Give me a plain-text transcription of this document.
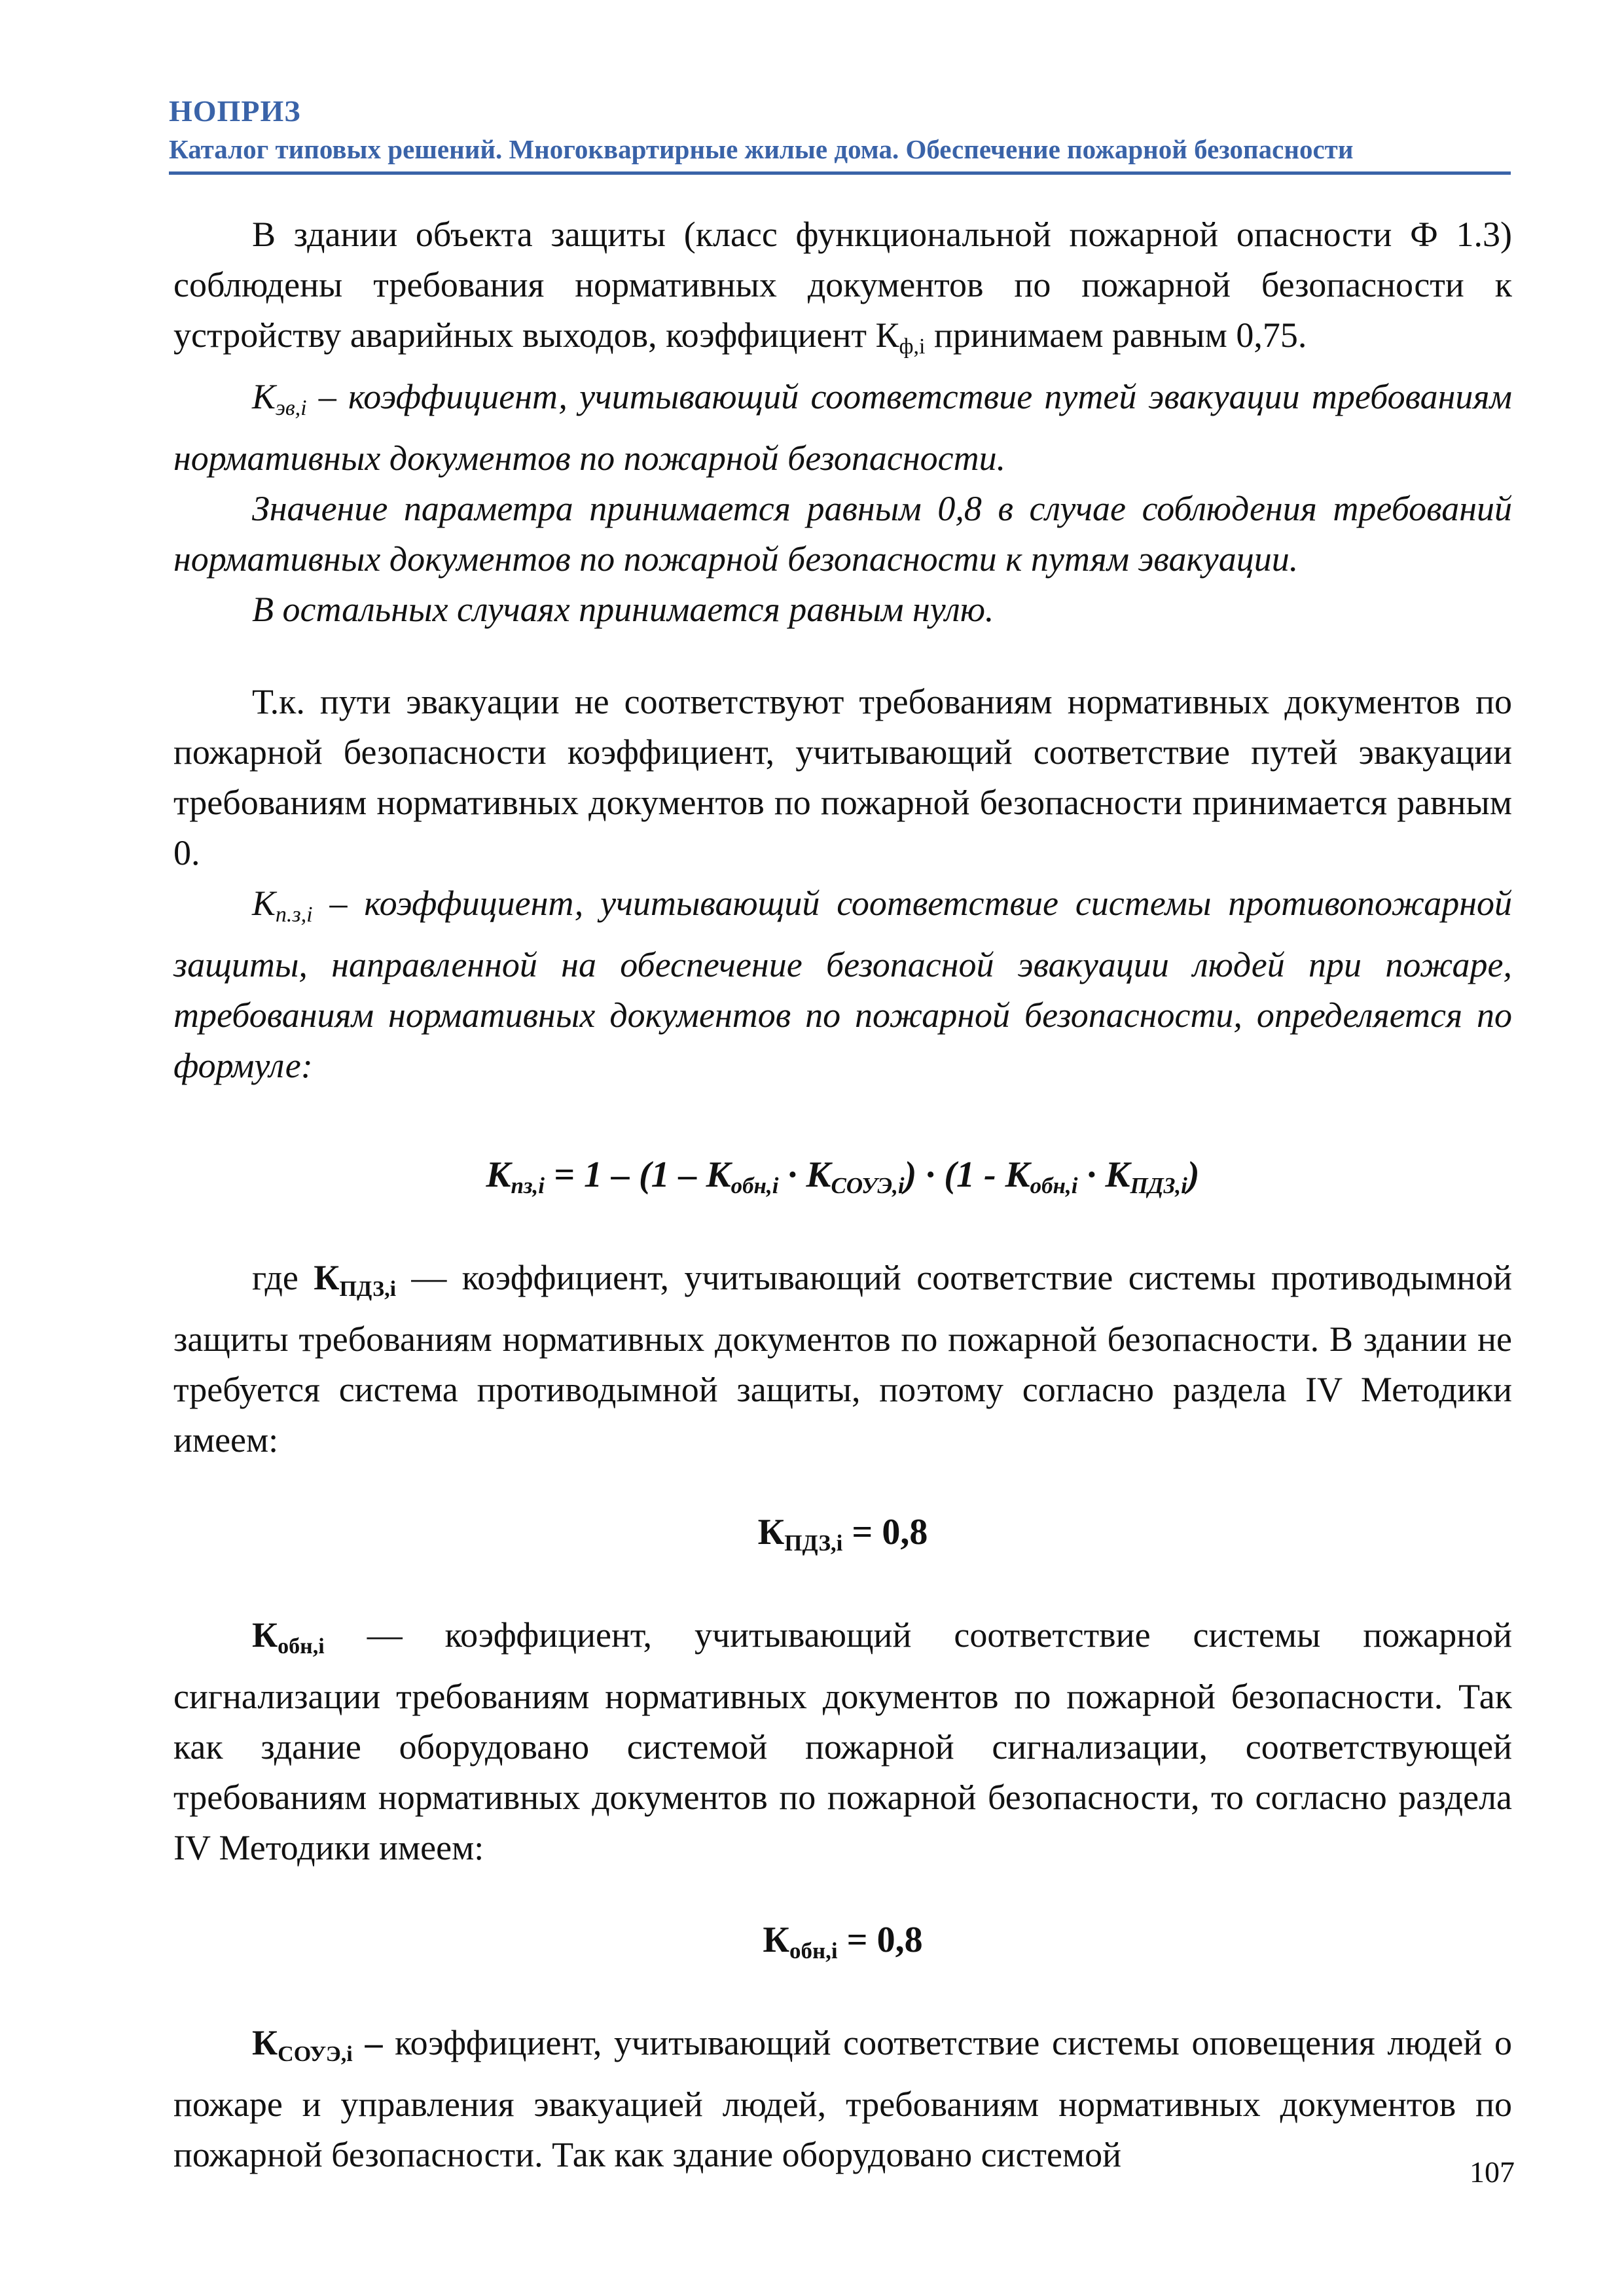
НОПРИЗ
Каталог типовых решений. Многоквартирные жилые дома. Обеспечение пожарной безопасности

В здании объекта защиты (класс функциональной пожарной опасности Ф 1.3) соблюдены требования нормативных документов по пожарной безопасности к устройству аварийных выходов, коэффициент $К_{ф,i}$ принимаем равным 0,75.

$К_{эв,i}$ – коэффициент, учитывающий соответствие путей эвакуации требованиям нормативных документов по пожарной безопасности.

Значение параметра принимается равным 0,8 в случае соблюдения требований нормативных документов по пожарной безопасности к путям эвакуации.

В остальных случаях принимается равным нулю.

Т.к. пути эвакуации не соответствуют требованиям нормативных документов по пожарной безопасности коэффициент, учитывающий соответствие путей эвакуации требованиям нормативных документов по пожарной безопасности принимается равным 0.

$К_{п.з,i}$ – коэффициент, учитывающий соответствие системы противопожарной защиты, направленной на обеспечение безопасной эвакуации людей при пожаре, требованиям нормативных документов по пожарной безопасности, определяется по формуле:

$К_{пз,i} = 1 - (1 - К_{обн,i} \cdot К_{СОУЭ,i}) \cdot (1 - К_{обн,i} \cdot К_{ПДЗ,i})$

где $К_{ПДЗ,i}$ — коэффициент, учитывающий соответствие системы противодымной защиты требованиям нормативных документов по пожарной безопасности. В здании не требуется система противодымной защиты, поэтому согласно раздела IV Методики имеем:

$К_{ПДЗ,i} = 0,8$

$К_{обн,i}$ — коэффициент, учитывающий соответствие системы пожарной сигнализации требованиям нормативных документов по пожарной безопасности. Так как здание оборудовано системой пожарной сигнализации, соответствующей требованиям нормативных документов по пожарной безопасности, то согласно раздела IV Методики имеем:

$К_{обн,i} = 0,8$

$К_{СОУЭ,i}$ – коэффициент, учитывающий соответствие системы оповещения людей о пожаре и управления эвакуацией людей, требованиям нормативных документов по пожарной безопасности. Так как здание оборудовано системой	107
